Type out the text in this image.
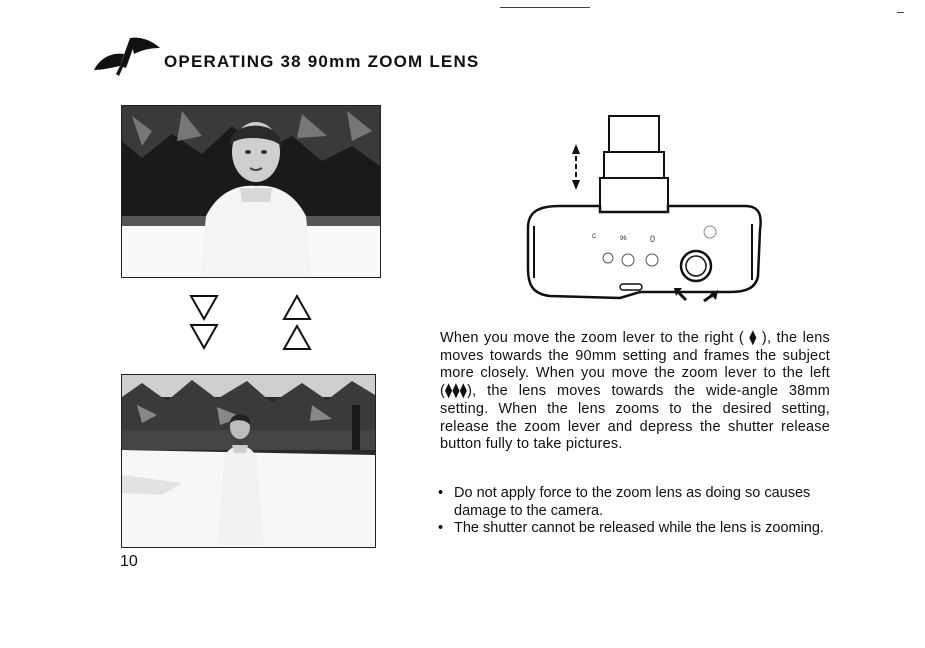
OPERATING 38 90mm ZOOM LENS
10
C	96	0
When you move the zoom lever to the right ( ⧫ ), the lens moves towards the 90mm setting and frames the subject more closely. When you move the zoom lever to the left (⧫⧫⧫), the lens moves towards the wide-angle 38mm setting. When the lens zooms to the desired setting, release the zoom lever and depress the shutter release button fully to take pictures.
• Do not apply force to the zoom lens as doing so causes damage to the camera.
• The shutter cannot be released while the lens is zooming.
